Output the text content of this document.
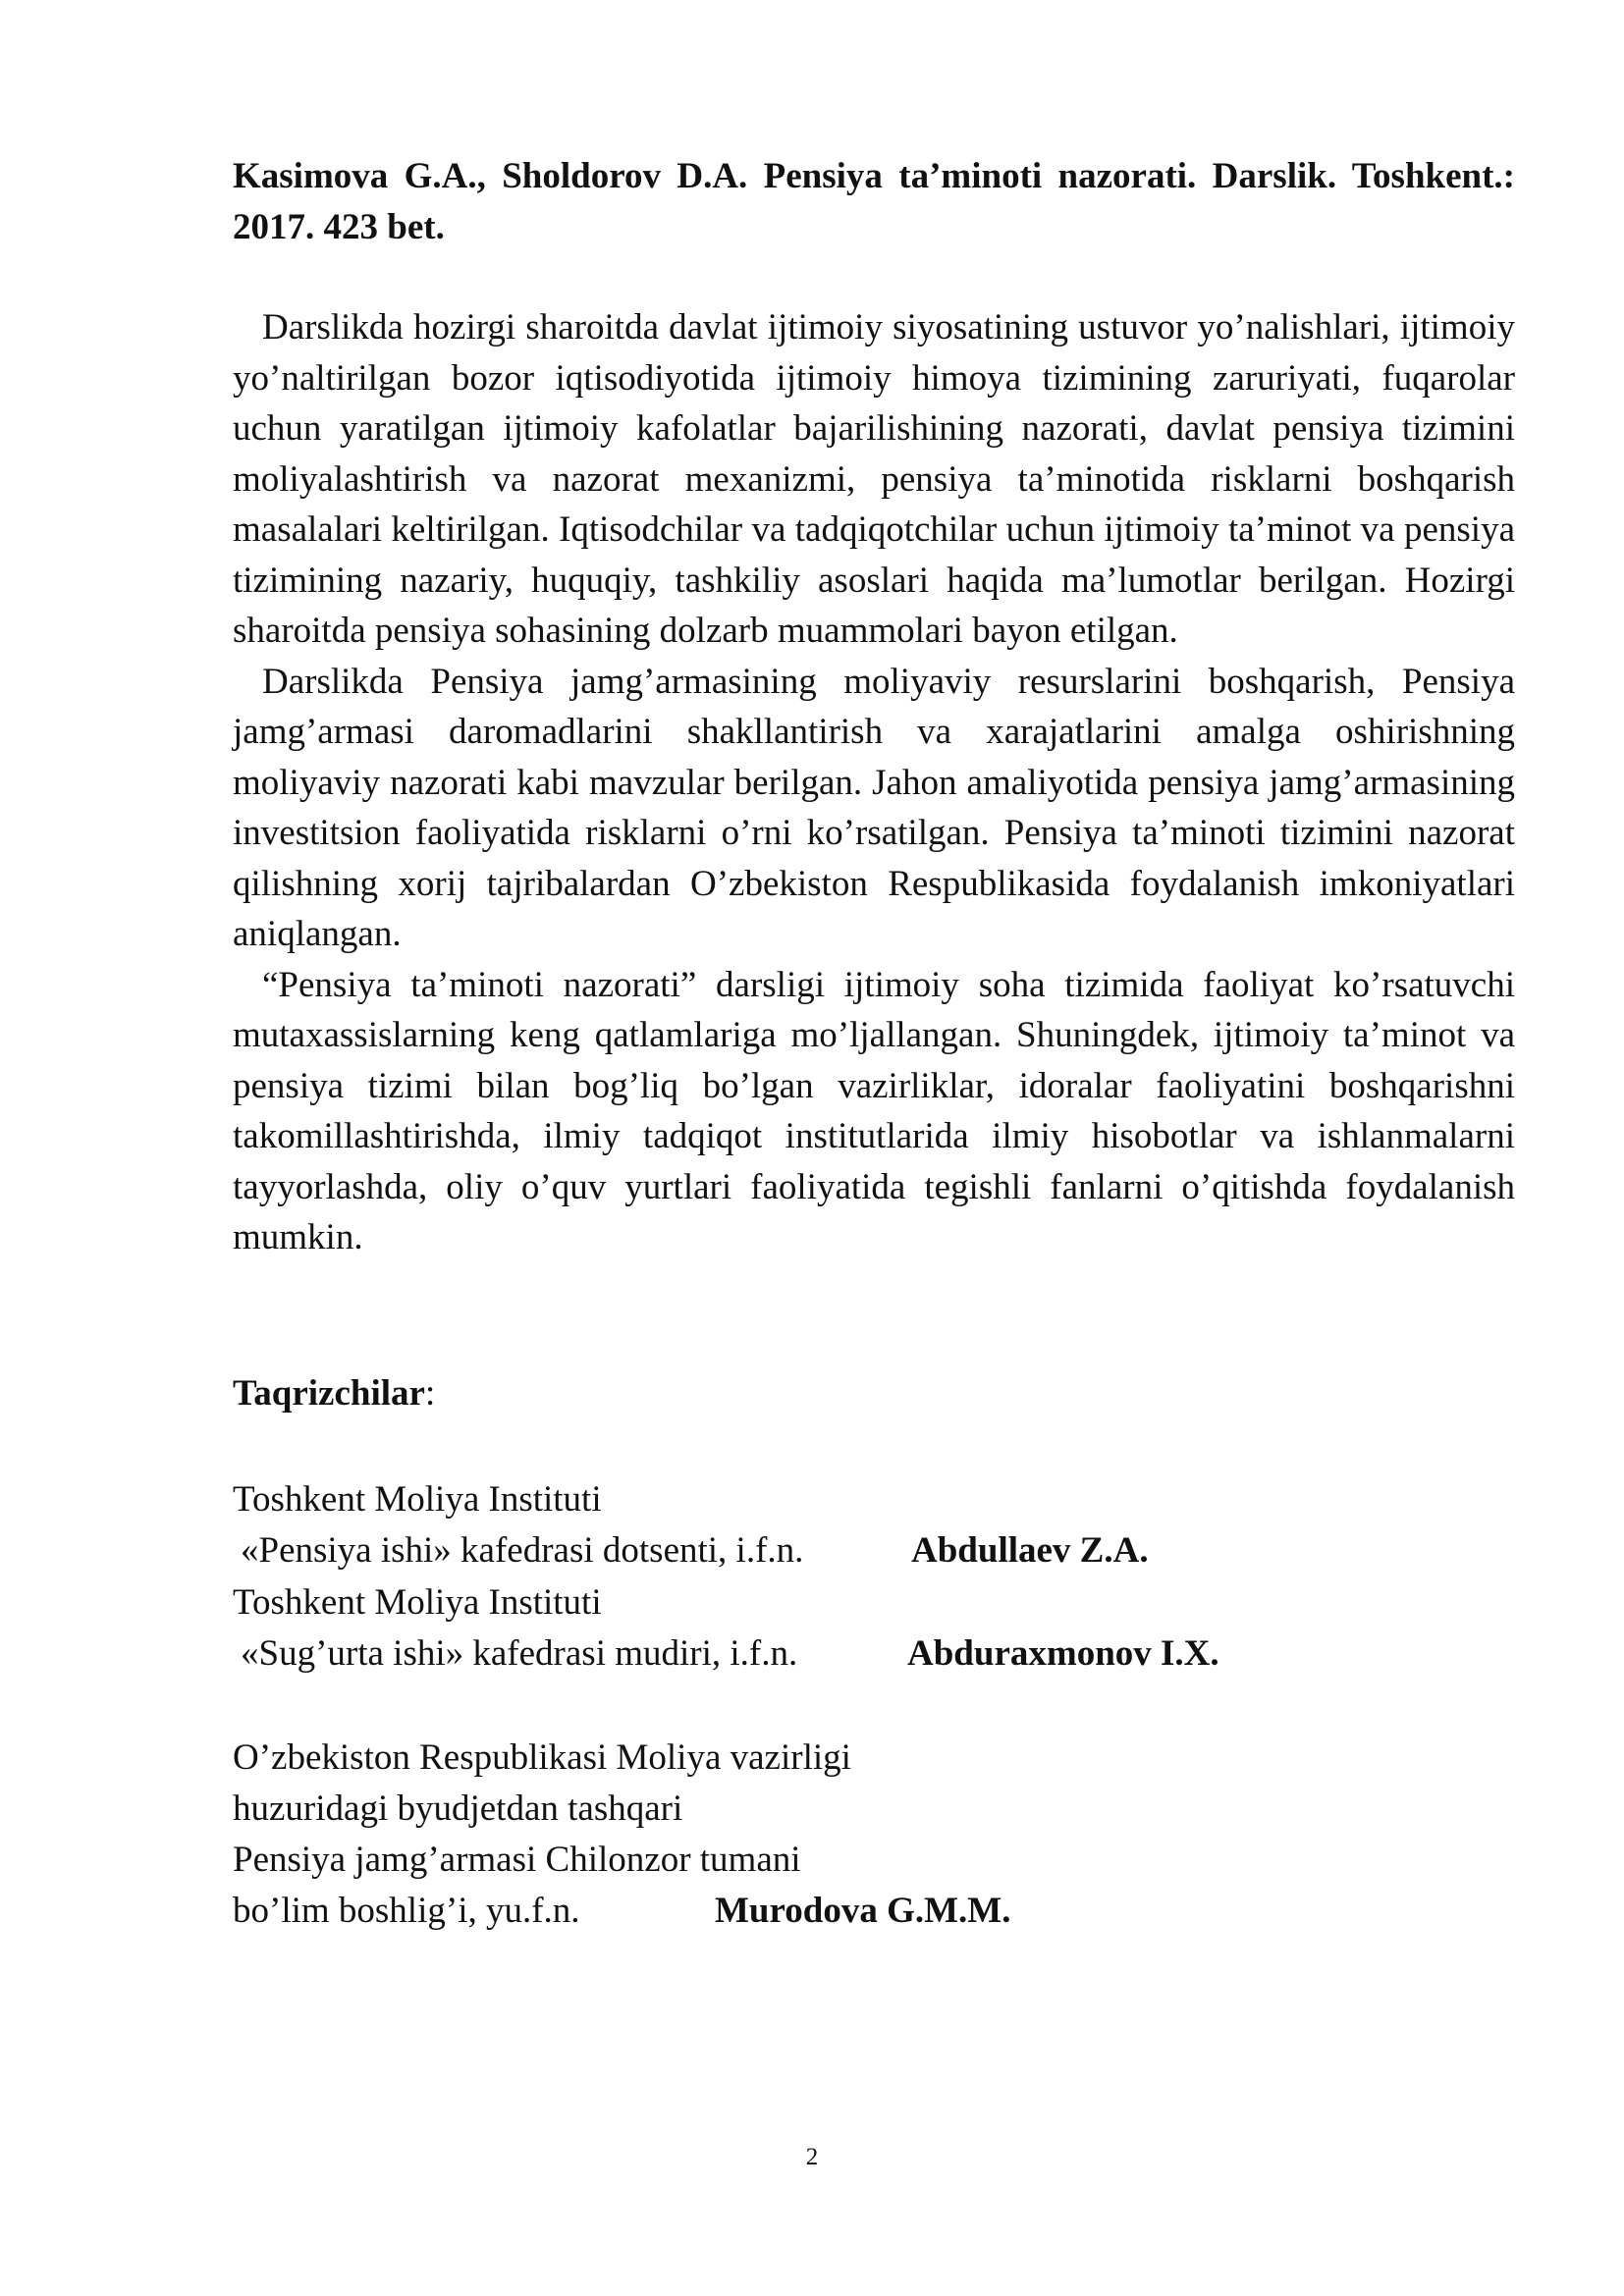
Kasimova G.A., Sholdorov D.A. Pensiya ta’minoti nazorati. Darslik. Toshkent.: 2017. 423 bet.

Darslikda hozirgi sharoitda davlat ijtimoiy siyosatining ustuvor yo’nalishlari, ijtimoiy yo’naltirilgan bozor iqtisodiyotida ijtimoiy himoya tizimining zaruriyati, fuqarolar uchun yaratilgan ijtimoiy kafolatlar bajarilishining nazorati, davlat pensiya tizimini moliyalashtirish va nazorat mexanizmi, pensiya ta’minotida risklarni boshqarish masalalari keltirilgan. Iqtisodchilar va tadqiqotchilar uchun ijtimoiy ta’minot va pensiya tizimining nazariy, huquqiy, tashkiliy asoslari haqida ma’lumotlar berilgan. Hozirgi sharoitda pensiya sohasining dolzarb muammolari bayon etilgan.

Darslikda Pensiya jamg’armasining moliyaviy resurslarini boshqarish, Pensiya jamg’armasi daromadlarini shakllantirish va xarajatlarini amalga oshirishning moliyaviy nazorati kabi mavzular berilgan. Jahon amaliyotida pensiya jamg’armasining investitsion faoliyatida risklarni o’rni ko’rsatilgan. Pensiya ta’minoti tizimini nazorat qilishning xorij tajribalardan O’zbekiston Respublikasida foydalanish imkoniyatlari aniqlangan.

“Pensiya ta’minoti nazorati” darsligi ijtimoiy soha tizimida faoliyat ko’rsatuvchi mutaxassislarning keng qatlamlariga mo’ljallangan. Shuningdek, ijtimoiy ta’minot va pensiya tizimi bilan bog’liq bo’lgan vazirliklar, idoralar faoliyatini boshqarishni takomillashtirishda, ilmiy tadqiqot institutlarida ilmiy hisobotlar va ishlanmalarni tayyorlashda, oliy o’quv yurtlari faoliyatida tegishli fanlarni o’qitishda foydalanish mumkin.

Taqrizchilar:
Toshkent Moliya Instituti
«Pensiya ishi» kafedrasi dotsenti, i.f.n.	Abdullaev Z.A.
Toshkent Moliya Instituti
«Sug’urta ishi» kafedrasi mudiri, i.f.n.	Abduraxmonov I.X.
O’zbekiston Respublikasi Moliya vazirligi
huzuridagi byudjetdan tashqari
Pensiya jamg’armasi Chilonzor tumani
bo’lim boshlig’i, yu.f.n.	Murodova G.M.M.
2
